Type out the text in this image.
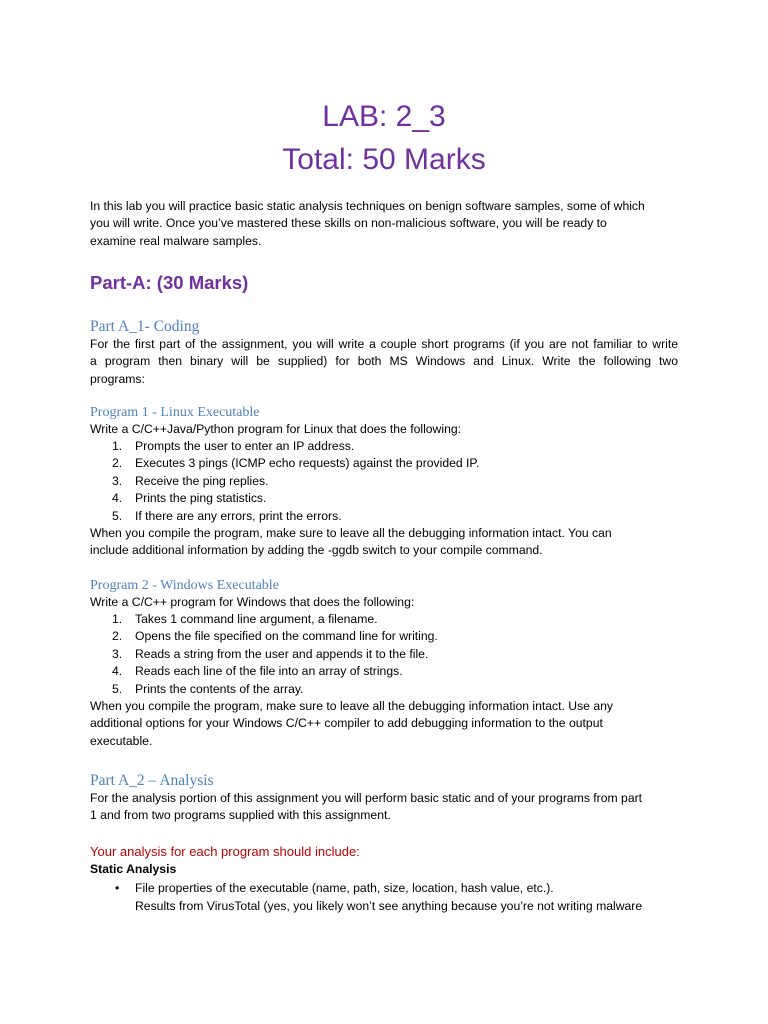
LAB: 2_3
Total: 50 Marks
In this lab you will practice basic static analysis techniques on benign software samples, some of which
you will write. Once you’ve mastered these skills on non-malicious software, you will be ready to
examine real malware samples.
Part-A: (30 Marks)
Part A_1- Coding
For the first part of the assignment, you will write a couple short programs (if you are not familiar to write
a program then binary will be supplied) for both MS Windows and Linux. Write the following two
programs:
Program 1 - Linux Executable
Write a C/C++Java/Python program for Linux that does the following:
1. Prompts the user to enter an IP address.
2. Executes 3 pings (ICMP echo requests) against the provided IP.
3. Receive the ping replies.
4. Prints the ping statistics.
5. If there are any errors, print the errors.
When you compile the program, make sure to leave all the debugging information intact. You can
include additional information by adding the -ggdb switch to your compile command.
Program 2 - Windows Executable
Write a C/C++ program for Windows that does the following:
1. Takes 1 command line argument, a filename.
2. Opens the file specified on the command line for writing.
3. Reads a string from the user and appends it to the file.
4. Reads each line of the file into an array of strings.
5. Prints the contents of the array.
When you compile the program, make sure to leave all the debugging information intact. Use any
additional options for your Windows C/C++ compiler to add debugging information to the output
executable.
Part A_2 – Analysis
For the analysis portion of this assignment you will perform basic static and of your programs from part
1 and from two programs supplied with this assignment.
Your analysis for each program should include:
Static Analysis
• File properties of the executable (name, path, size, location, hash value, etc.).
Results from VirusTotal (yes, you likely won’t see anything because you’re not writing malware
